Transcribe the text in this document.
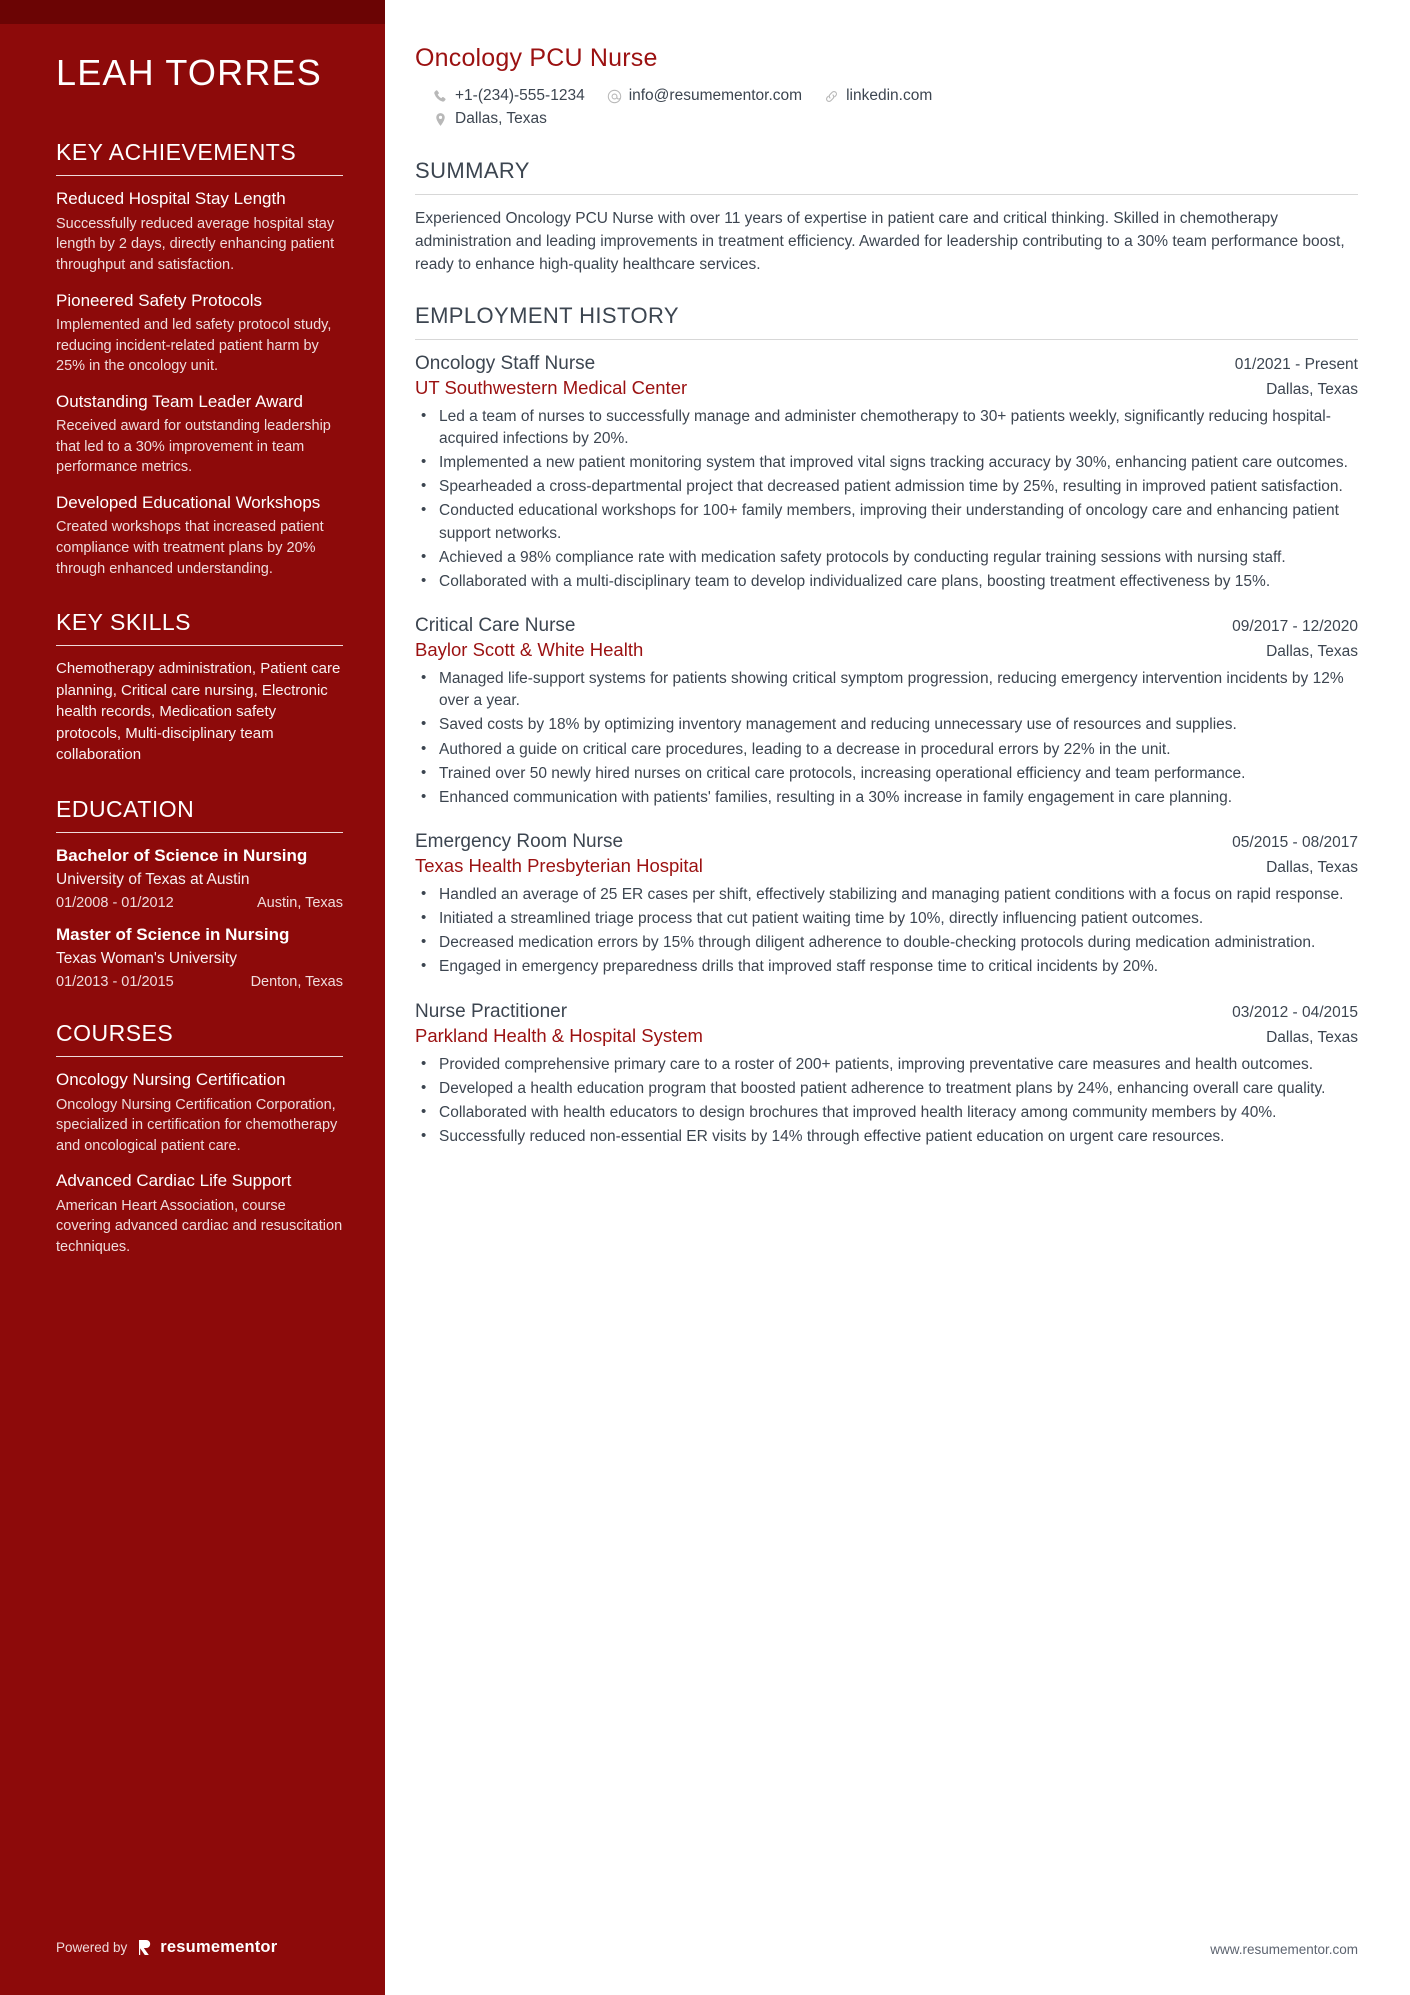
LEAH TORRES
KEY ACHIEVEMENTS
Reduced Hospital Stay Length
Successfully reduced average hospital stay length by 2 days, directly enhancing patient throughput and satisfaction.
Pioneered Safety Protocols
Implemented and led safety protocol study, reducing incident-related patient harm by 25% in the oncology unit.
Outstanding Team Leader Award
Received award for outstanding leadership that led to a 30% improvement in team performance metrics.
Developed Educational Workshops
Created workshops that increased patient compliance with treatment plans by 20% through enhanced understanding.
KEY SKILLS
Chemotherapy administration, Patient care planning, Critical care nursing, Electronic health records, Medication safety protocols, Multi-disciplinary team collaboration
EDUCATION
Bachelor of Science in Nursing
University of Texas at Austin
01/2008 - 01/2012	Austin, Texas
Master of Science in Nursing
Texas Woman's University
01/2013 - 01/2015	Denton, Texas
COURSES
Oncology Nursing Certification
Oncology Nursing Certification Corporation, specialized in certification for chemotherapy and oncological patient care.
Advanced Cardiac Life Support
American Heart Association, course covering advanced cardiac and resuscitation techniques.
Powered by resumementor
Oncology PCU Nurse
+1-(234)-555-1234	info@resumementor.com	linkedin.com
Dallas, Texas
SUMMARY

Experienced Oncology PCU Nurse with over 11 years of expertise in patient care and critical thinking. Skilled in chemotherapy administration and leading improvements in treatment efficiency. Awarded for leadership contributing to a 30% team performance boost, ready to enhance high-quality healthcare services.

EMPLOYMENT HISTORY
Oncology Staff Nurse	01/2021 - Present
UT Southwestern Medical Center	Dallas, Texas
• Led a team of nurses to successfully manage and administer chemotherapy to 30+ patients weekly, significantly reducing hospital-acquired infections by 20%.
• Implemented a new patient monitoring system that improved vital signs tracking accuracy by 30%, enhancing patient care outcomes.
• Spearheaded a cross-departmental project that decreased patient admission time by 25%, resulting in improved patient satisfaction.
• Conducted educational workshops for 100+ family members, improving their understanding of oncology care and enhancing patient support networks.
• Achieved a 98% compliance rate with medication safety protocols by conducting regular training sessions with nursing staff.
• Collaborated with a multi-disciplinary team to develop individualized care plans, boosting treatment effectiveness by 15%.
Critical Care Nurse	09/2017 - 12/2020
Baylor Scott & White Health	Dallas, Texas
• Managed life-support systems for patients showing critical symptom progression, reducing emergency intervention incidents by 12% over a year.
• Saved costs by 18% by optimizing inventory management and reducing unnecessary use of resources and supplies.
• Authored a guide on critical care procedures, leading to a decrease in procedural errors by 22% in the unit.
• Trained over 50 newly hired nurses on critical care protocols, increasing operational efficiency and team performance.
• Enhanced communication with patients' families, resulting in a 30% increase in family engagement in care planning.
Emergency Room Nurse	05/2015 - 08/2017
Texas Health Presbyterian Hospital	Dallas, Texas
• Handled an average of 25 ER cases per shift, effectively stabilizing and managing patient conditions with a focus on rapid response.
• Initiated a streamlined triage process that cut patient waiting time by 10%, directly influencing patient outcomes.
• Decreased medication errors by 15% through diligent adherence to double-checking protocols during medication administration.
• Engaged in emergency preparedness drills that improved staff response time to critical incidents by 20%.
Nurse Practitioner	03/2012 - 04/2015
Parkland Health & Hospital System	Dallas, Texas
• Provided comprehensive primary care to a roster of 200+ patients, improving preventative care measures and health outcomes.
• Developed a health education program that boosted patient adherence to treatment plans by 24%, enhancing overall care quality.
• Collaborated with health educators to design brochures that improved health literacy among community members by 40%.
• Successfully reduced non-essential ER visits by 14% through effective patient education on urgent care resources.
www.resumementor.com
